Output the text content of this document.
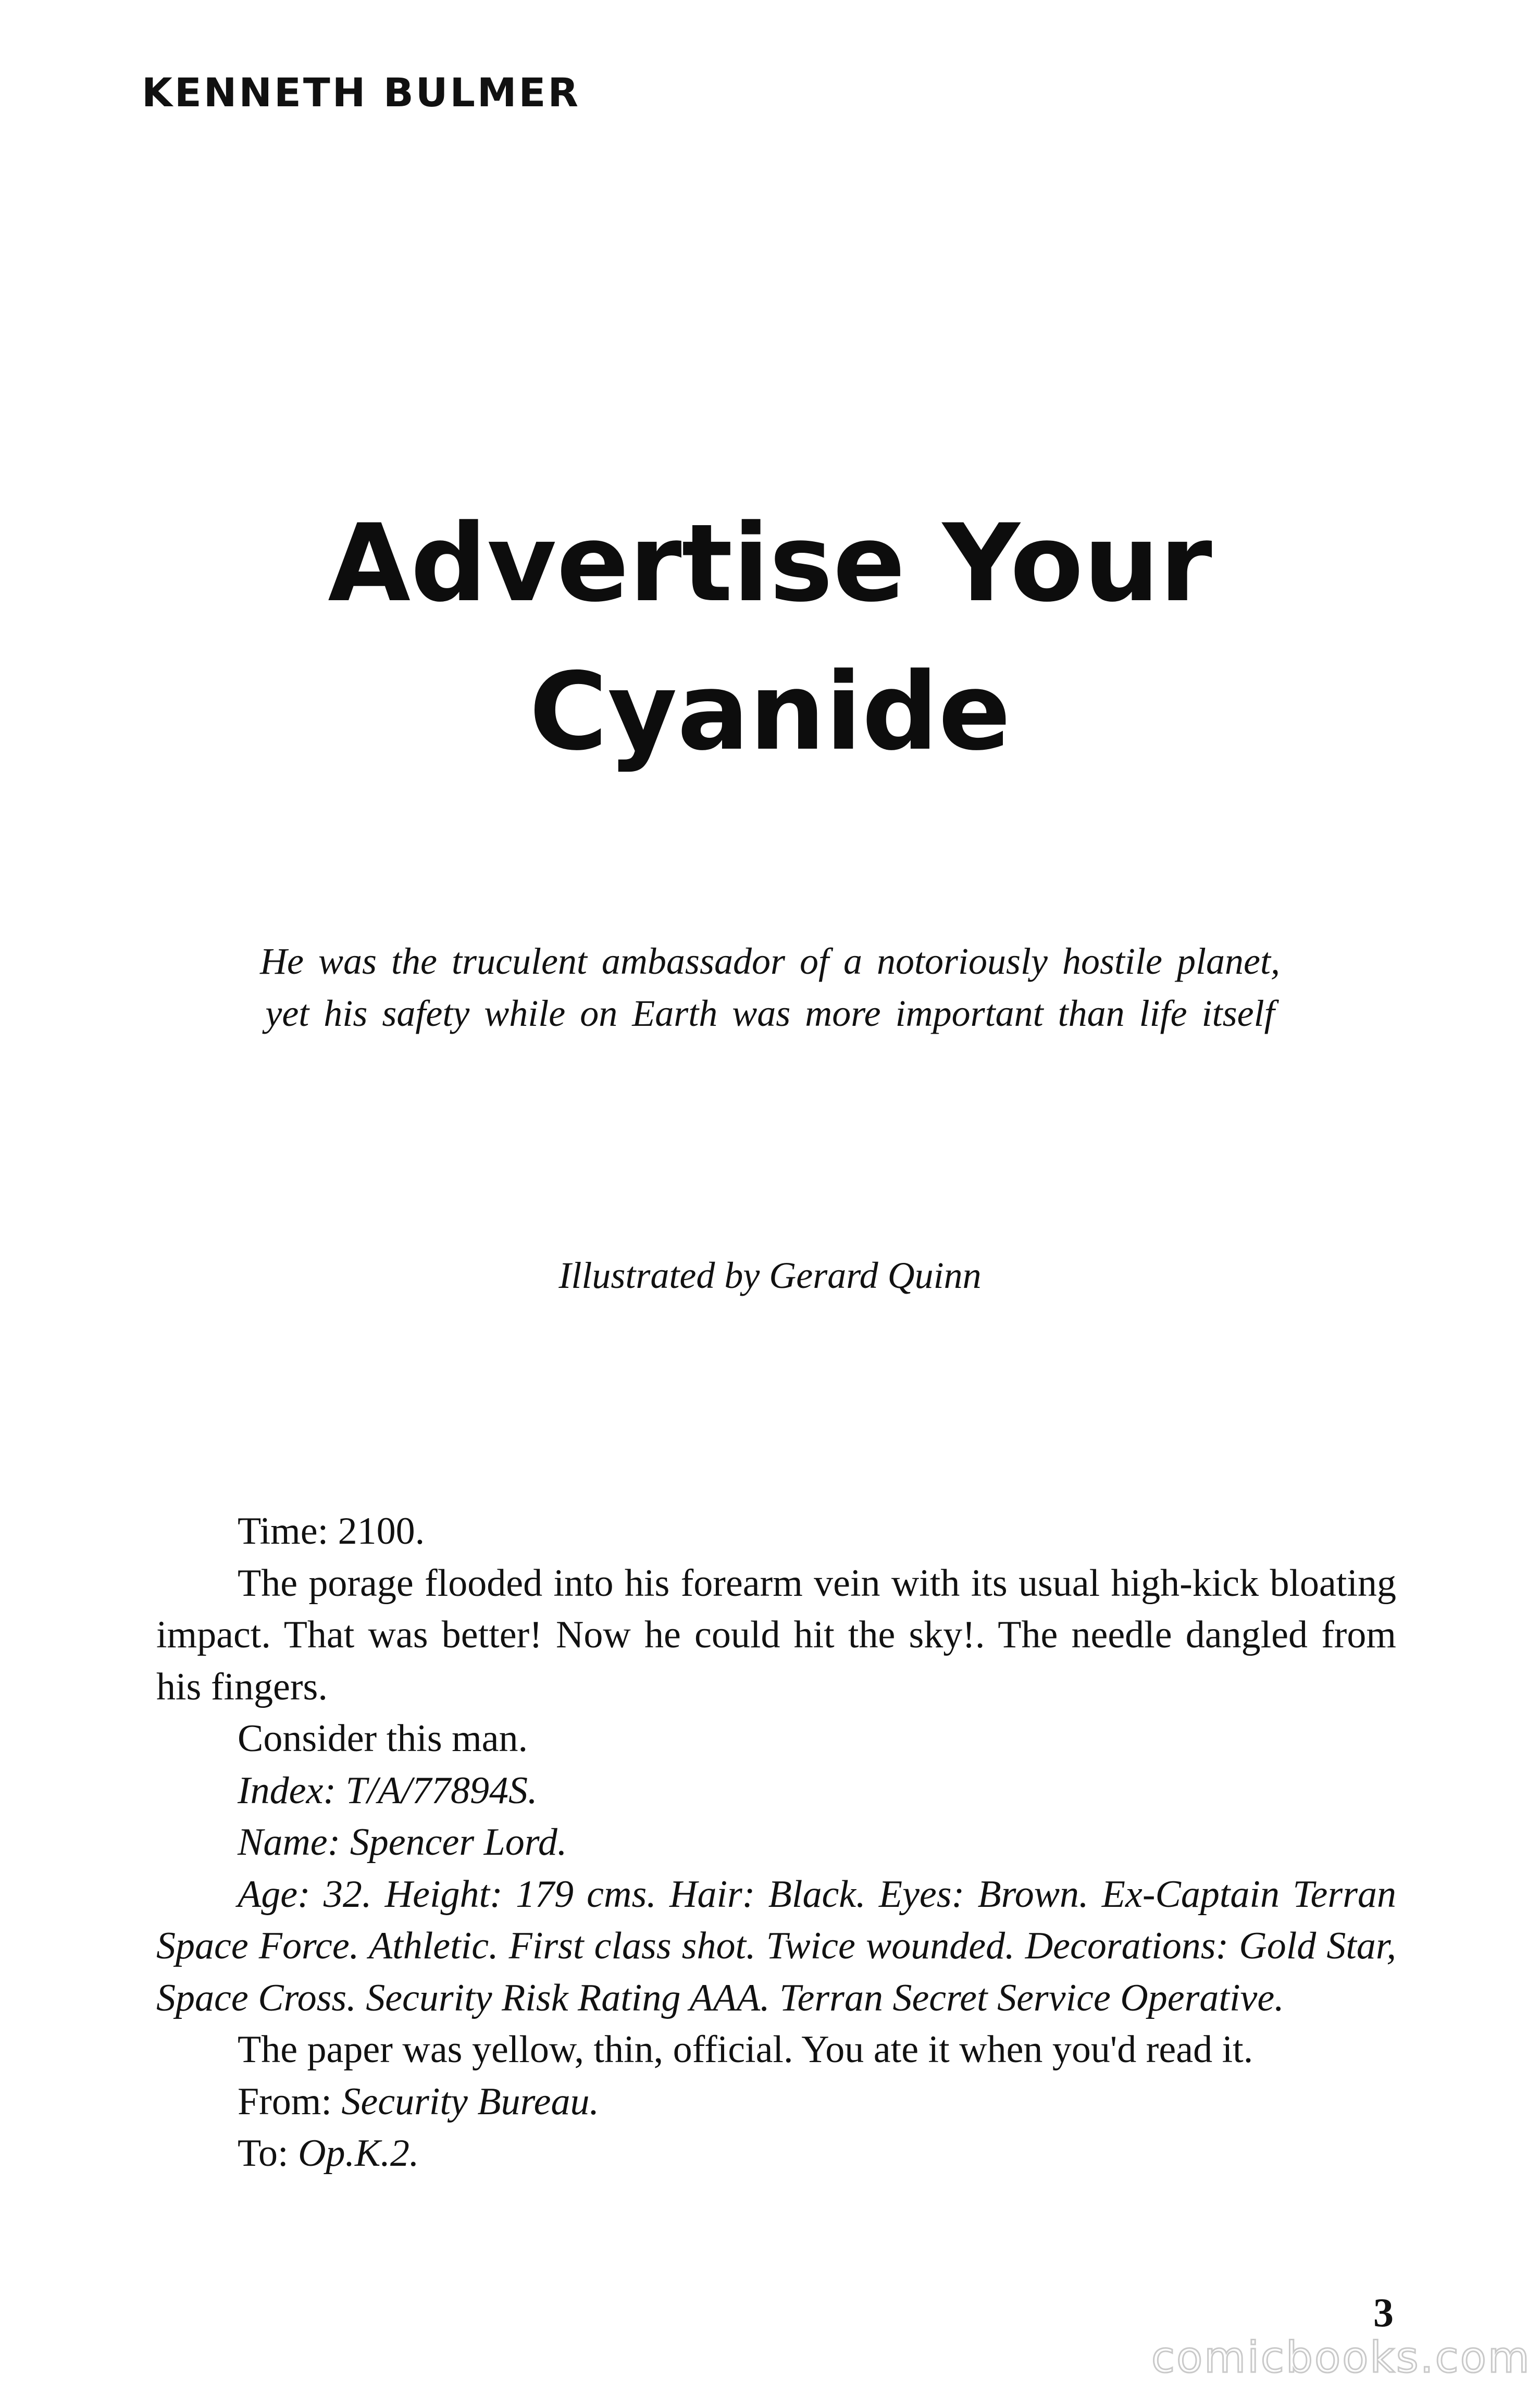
KENNETH BULMER
Advertise Your
Cyanide
He was the truculent ambassador of a notoriously hostile planet,
yet his safety while on Earth was more important than life itself
Illustrated by Gerard Quinn

Time: 2100.

The porage flooded into his forearm vein with its usual high-kick bloating impact. That was better! Now he could hit the sky!. The needle dangled from his fingers.

Consider this man.

Index: T/A/77894S.

Name: Spencer Lord.

Age: 32. Height: 179 cms. Hair: Black. Eyes: Brown. Ex-Captain Terran Space Force. Athletic. First class shot. Twice wounded. Decorations: Gold Star, Space Cross. Security Risk Rating AAA. Terran Secret Service Operative.

The paper was yellow, thin, official. You ate it when you'd read it.

From: Security Bureau.

To: Op.K.2.

3
comicbooks.com
